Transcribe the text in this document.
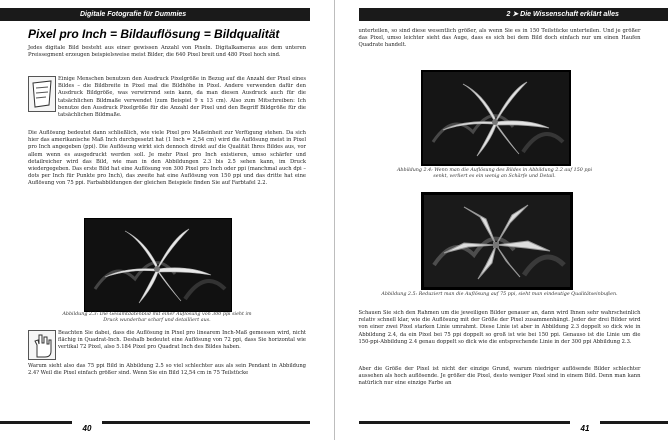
Digitale Fotografie für Dummies
Pixel pro Inch = Bildauflösung = Bildqualität
Jedes digitale Bild besteht aus einer gewissen Anzahl von Pixeln. Digitalkameras aus dem unteren Preissegment erzeugen beispielsweise meist Bilder, die 640 Pixel breit und 480 Pixel hoch sind.
Einige Menschen benutzen den Ausdruck Pixelgröße in Bezug auf die Anzahl der Pixel eines Bildes – die Bildbreite in Pixel mal die Bildhöhe in Pixel. Andere verwenden dafür den Ausdruck Bildgröße, was verwirrend sein kann, da man diesen Ausdruck auch für die tatsächlichen Bildmaße verwendet (zum Beispiel 9 x 13 cm). Also zum Mitschreiben: Ich benutze den Ausdruck Pixelgröße für die Anzahl der Pixel und den Begriff Bildgröße für die tatsächlichen Bildmaße.
Die Auflösung bedeutet dann schließlich, wie viele Pixel pro Maßeinheit zur Verfügung stehen. Da sich hier das amerikanische Maß Inch durchgesetzt hat (1 Inch = 2,54 cm) wird die Auflösung meist in Pixel pro Inch angegeben (ppi). Die Auflösung wirkt sich dennoch direkt auf die Qualität Ihres Bildes aus, vor allem wenn es ausgedruckt werden soll. Je mehr Pixel pro Inch existieren, umso schärfer und detailreicher wird das Bild, wie man in den Abbildungen 2.3 bis 2.5 sehen kann, im Druck wiedergegeben. Das erste Bild hat eine Auflösung von 300 Pixel pro Inch oder ppi (manchmal auch dpi – dots per Inch für Punkte pro Inch), das zweite hat eine Auflösung von 150 ppi und das dritte hat eine Auflösung von 75 ppi. Farbabbildungen der gleichen Beispiele finden Sie auf Farbtafel 2.2.
Abbildung 2.3: Die Gesamtdatenblid mit einer Auflösung von 300 ppi sieht im Druck wunderbar scharf und detailliert aus.
Beachten Sie dabei, dass die Auflösung in Pixel pro linearem Inch-Maß gemessen wird, nicht flächig in Quadrat-Inch. Deshalb bedeutet eine Auflösung von 72 ppi, dass Sie horizontal wie vertikal 72 Pixel, also 5.184 Pixel pro Quadrat Inch des Bildes haben.
Warum sieht also das 75 ppi Bild in Abbildung 2.5 so viel schlechter aus als sein Pendant in Abbildung 2.4? Weil die Pixel einfach größer sind. Wenn Sie ein Bild 12,54 cm in 75 Teilstücke
40
2 ➤ Die Wissenschaft erklärt alles
unterteilen, so sind diese wesentlich größer, als wenn Sie es in 150 Teilstücke unterteilen. Und je größer das Pixel, umso leichter sieht das Auge, dass es sich bei dem Bild doch einfach nur um einen Haufen Quadrate handelt.
Abbildung 2.4: Wenn man die Auflösung des Bildes in Abbildung 2.2 auf 150 ppi senkt, verliert es ein wenig an Schärfe und Detail.
Abbildung 2.5: Reduziert man die Auflösung auf 75 ppi, sieht man eindeutige Qualitätseinbußen.
Schauen Sie sich den Rahmen um die jeweiligen Bilder genauer an, dann wird Ihnen sehr wahrscheinlich relativ schnell klar, wie die Auflösung mit der Größe der Pixel zusammenhängt. Jeder der drei Bilder wird von einer zwei Pixel starken Linie umrahmt. Diese Linie ist aber in Abbildung 2.3 doppelt so dick wie in Abbildung 2.4, da ein Pixel bei 75 ppi doppelt so groß ist wie bei 150 ppi. Genauso ist die Linie um die 150-ppi-Abbildung 2.4 genau doppelt so dick wie die entsprechende Linie in der 300 ppi Abbildung 2.3.
Aber die Größe der Pixel ist nicht der einzige Grund, warum niedriger auflösende Bilder schlechter aussehen als hoch auflösende. Je größer die Pixel, desto weniger Pixel sind in einem Bild. Denn man kann natürlich nur eine einzige Farbe an
41
